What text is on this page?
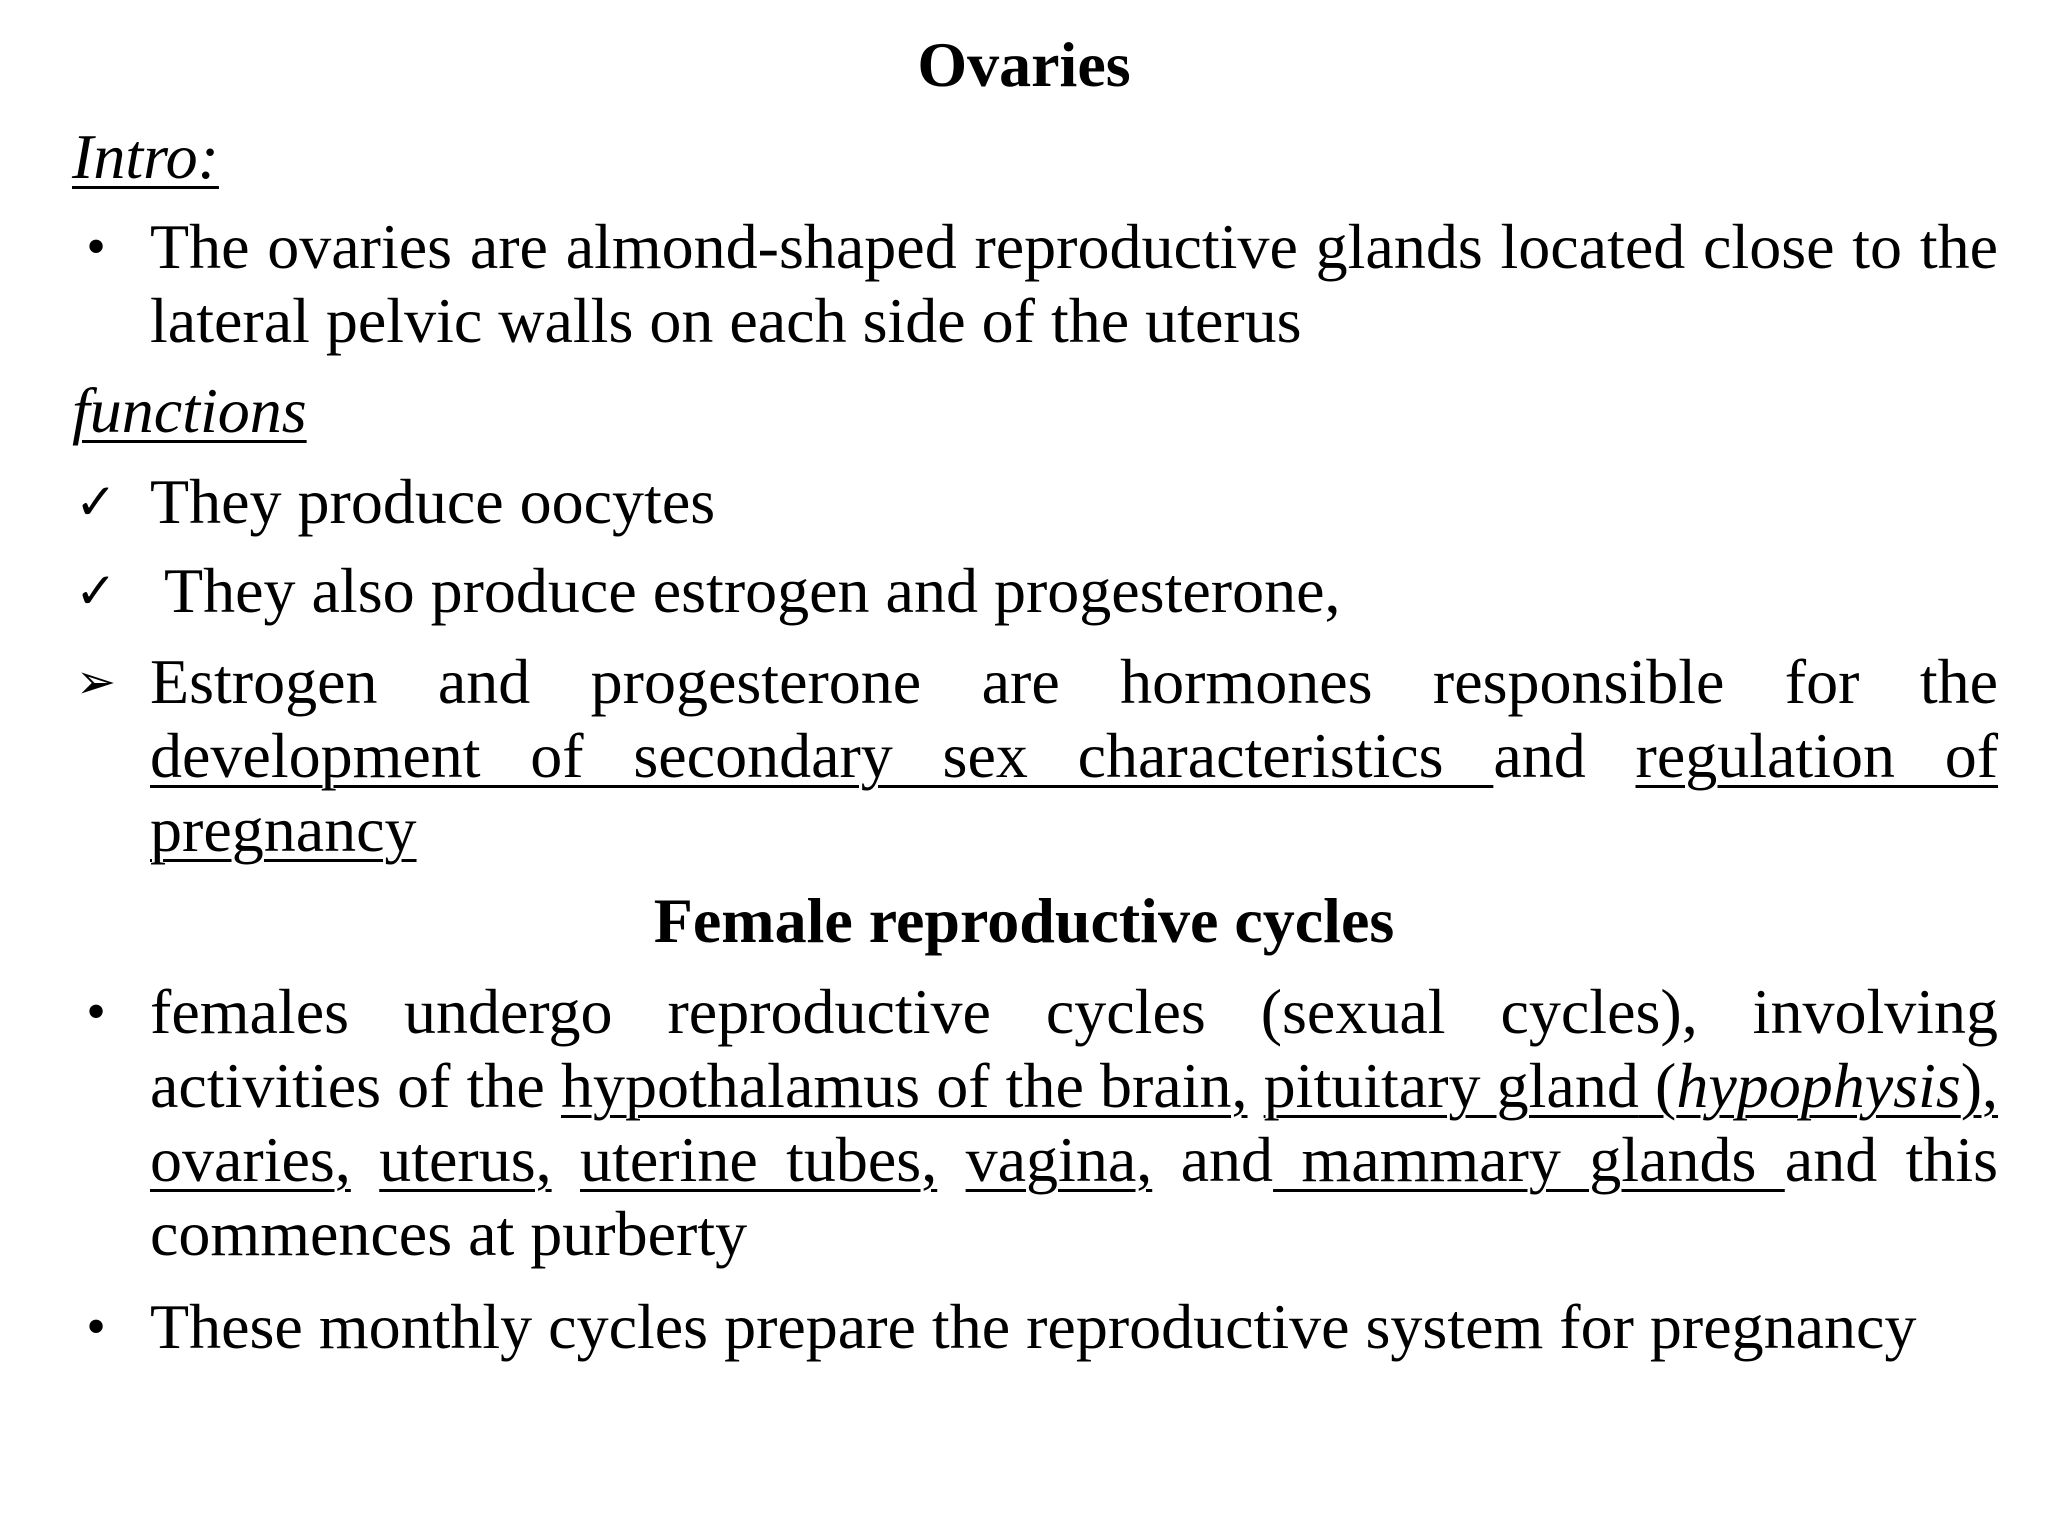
Ovaries
Intro:
• The ovaries are almond-shaped reproductive glands located close to the lateral pelvic walls on each side of the uterus
functions
✓ They produce oocytes
✓ They also produce estrogen and progesterone,
➢ Estrogen and progesterone are hormones responsible for the development of secondary sex characteristics and regulation of pregnancy
Female reproductive cycles
• females undergo reproductive cycles (sexual cycles), involving activities of the hypothalamus of the brain, pituitary gland (hypophysis), ovaries, uterus, uterine tubes, vagina, and mammary glands and this commences at purberty
• These monthly cycles prepare the reproductive system for pregnancy
